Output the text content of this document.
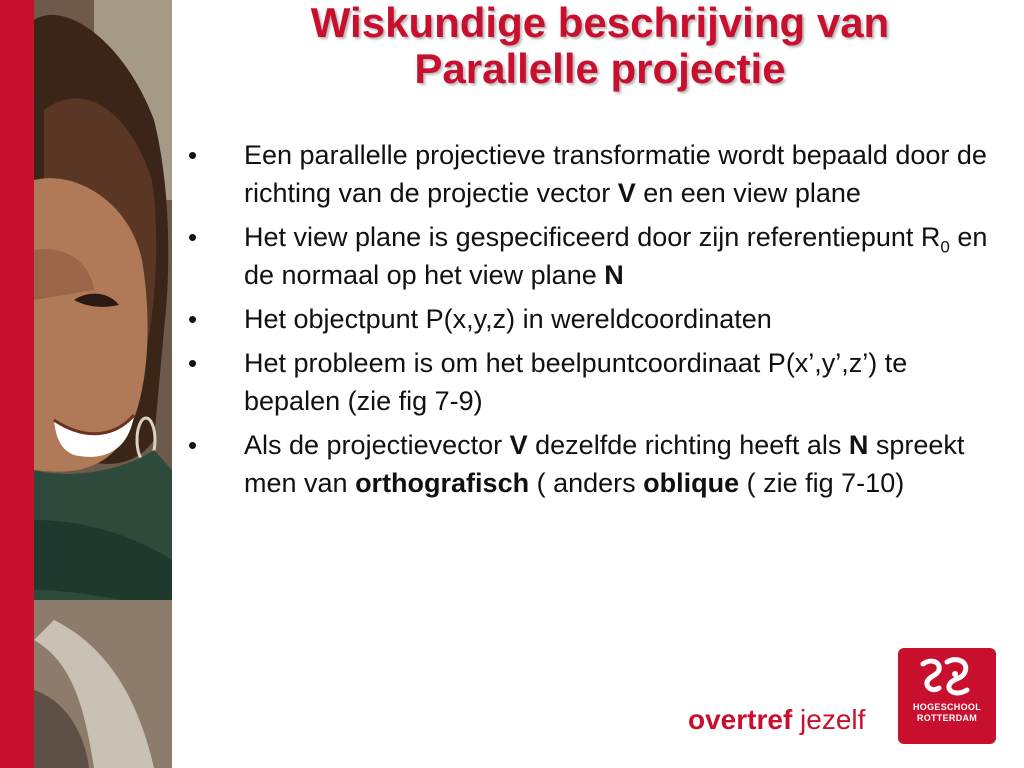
Wiskundige beschrijving van
Parallelle projectie
• Een parallelle projectieve transformatie wordt bepaald door de richting van de projectie vector V en een view plane
• Het view plane is gespecificeerd door zijn referentiepunt $R_0$ en de normaal op het view plane N
• Het objectpunt P(x,y,z) in wereldcoordinaten
• Het probleem is om het beelpuntcoordinaat P(x’,y’,z’) te bepalen (zie fig 7-9)
• Als de projectievector V dezelfde richting heeft als N spreekt men van orthografisch ( anders oblique ( zie fig 7-10)
overtref jezelf	HOGESCHOOL
ROTTERDAM
